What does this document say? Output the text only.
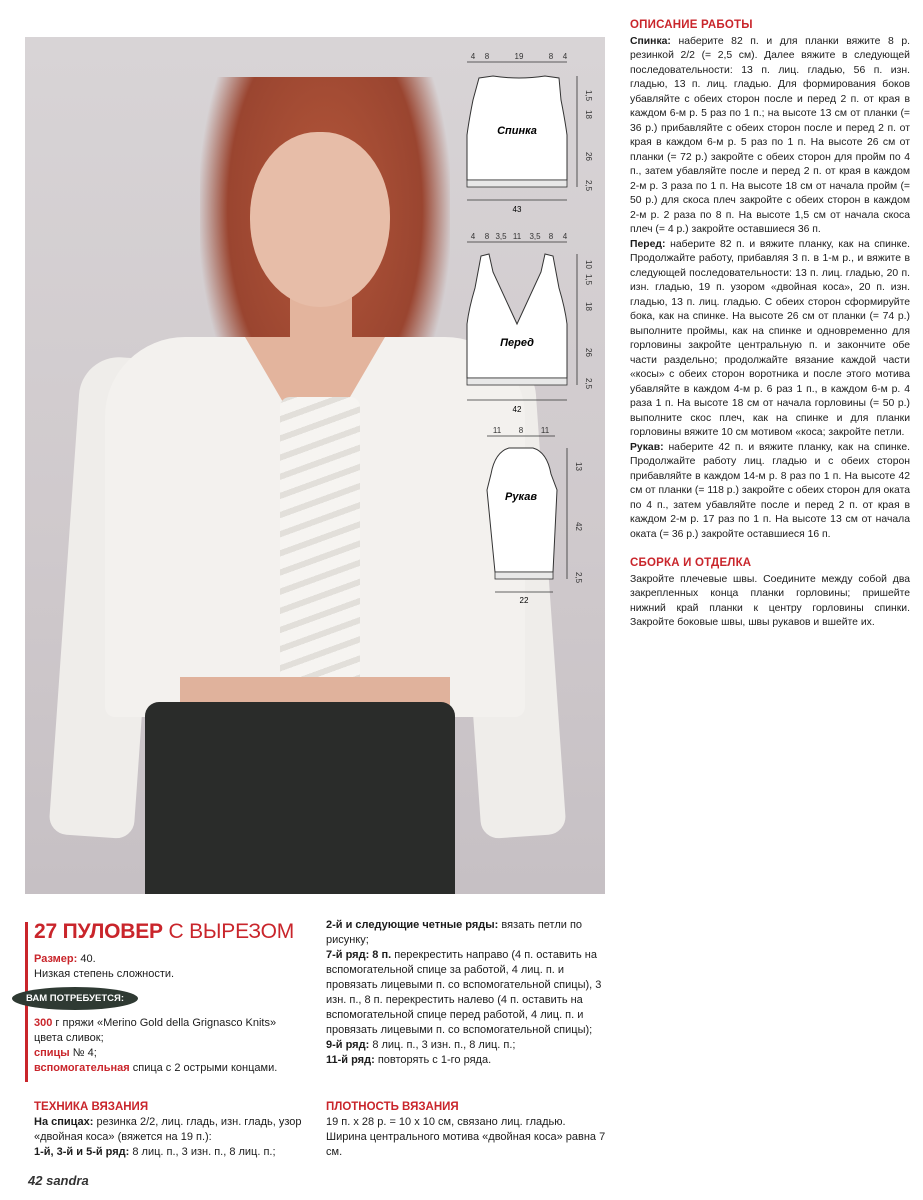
4 8	19	8 4
Спинка
1,5
18
26
2,5
43
4 8 3,5 11 3,5 8 4
Перед
10
1,5
18
26
2,5
42
11 8 11
Рукав
13
42
2,5
22
ОПИСАНИЕ РАБОТЫ

Спинка: наберите 82 п. и для планки вяжите 8 р. резинкой 2/2 (= 2,5 см). Далее вяжите в следующей последовательности: 13 п. лиц. гладью, 56 п. изн. гладью, 13 п. лиц. гладью. Для формирования боков убавляйте с обеих сторон после и перед 2 п. от края в каждом 6-м р. 5 раз по 1 п.; на высоте 13 см от планки (= 36 р.) прибавляйте с обеих сторон после и перед 2 п. от края в каждом 6-м р. 5 раз по 1 п. На высоте 26 см от планки (= 72 р.) закройте с обеих сторон для пройм по 4 п., затем убавляйте после и перед 2 п. от края в каждом 2-м р. 3 раза по 1 п. На высоте 18 см от начала пройм (= 50 р.) для скоса плеч закройте с обеих сторон в каждом 2-м р. 2 раза по 8 п. На высоте 1,5 см от начала скоса плеч (= 4 р.) закройте оставшиеся 36 п.

Перед: наберите 82 п. и вяжите планку, как на спинке. Продолжайте работу, прибавляя 3 п. в 1-м р., и вяжите в следующей последовательности: 13 п. лиц. гладью, 20 п. изн. гладью, 19 п. узором «двойная коса», 20 п. изн. гладью, 13 п. лиц. гладью. С обеих сторон сформируйте бока, как на спинке. На высоте 26 см от планки (= 74 р.) выполните проймы, как на спинке и одновременно для горловины закройте центральную п. и закончите обе части раздельно; продолжайте вязание каждой части «косы» с обеих сторон воротника и после этого мотива убавляйте в каждом 4-м р. 6 раз 1 п., в каждом 6-м р. 4 раза 1 п. На высоте 18 см от начала горловины (= 50 р.) выполните скос плеч, как на спинке и для планки горловины вяжите 10 см мотивом «коса; закройте петли.

Рукав: наберите 42 п. и вяжите планку, как на спинке. Продолжайте работу лиц. гладью и с обеих сторон прибавляйте в каждом 14-м р. 8 раз по 1 п. На высоте 42 см от планки (= 118 р.) закройте с обеих сторон для оката по 4 п., затем убавляйте после и перед 2 п. от края в каждом 2-м р. 17 раз по 1 п. На высоте 13 см от начала оката (= 36 р.) закройте оставшиеся 16 п.

СБОРКА И ОТДЕЛКА

Закройте плечевые швы. Соедините между собой два закрепленных конца планки горловины; пришейте нижний край планки к центру горловины спинки. Закройте боковые швы, швы рукавов и вшейте их.

27 ПУЛОВЕР С ВЫРЕЗОМ
Размер: 40.
Низкая степень сложности.
ВАМ ПОТРЕБУЕТСЯ:
300 г пряжи «Merino Gold della Grignasco Knits» цвета сливок;
спицы № 4;
вспомогательная спица с 2 острыми концами.
ТЕХНИКА ВЯЗАНИЯ
На спицах: резинка 2/2, лиц. гладь, изн. гладь, узор «двойная коса» (вяжется на 19 п.):
1-й, 3-й и 5-й ряд: 8 лиц. п., 3 изн. п., 8 лиц. п.;
2-й и следующие четные ряды: вязать петли по рисунку;
7-й ряд: 8 п. перекрестить направо (4 п. оставить на вспомогательной спице за работой, 4 лиц. п. и провязать лицевыми п. со вспомогательной спицы), 3 изн. п., 8 п. перекрестить налево (4 п. оставить на вспомогательной спице перед работой, 4 лиц. п. и провязать лицевыми п. со вспомогательной спицы);
9-й ряд: 8 лиц. п., 3 изн. п., 8 лиц. п.;
11-й ряд: повторять с 1-го ряда.
ПЛОТНОСТЬ ВЯЗАНИЯ
19 п. х 28 р. = 10 х 10 см, связано лиц. гладью.
Ширина центрального мотива «двойная коса» равна 7 см.
42 sandra
